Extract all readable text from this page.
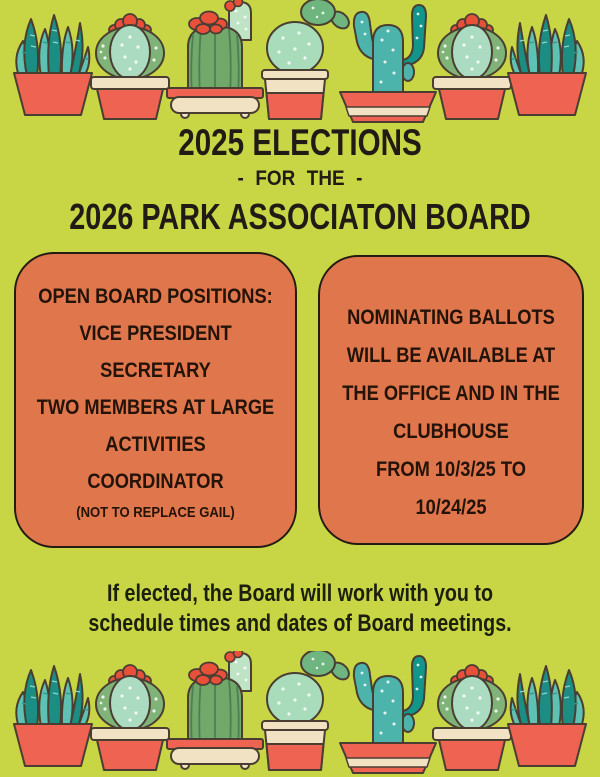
2025 ELECTIONS
- FOR THE -
2026 PARK ASSOCIATON BOARD
OPEN BOARD POSITIONS:
VICE PRESIDENT
SECRETARY
TWO MEMBERS AT LARGE
ACTIVITIES
COORDINATOR
(NOT TO REPLACE GAIL)
NOMINATING BALLOTS
WILL BE AVAILABLE AT
THE OFFICE AND IN THE
CLUBHOUSE
FROM 10/3/25 TO
10/24/25
If elected, the Board will work with you to
schedule times and dates of Board meetings.
